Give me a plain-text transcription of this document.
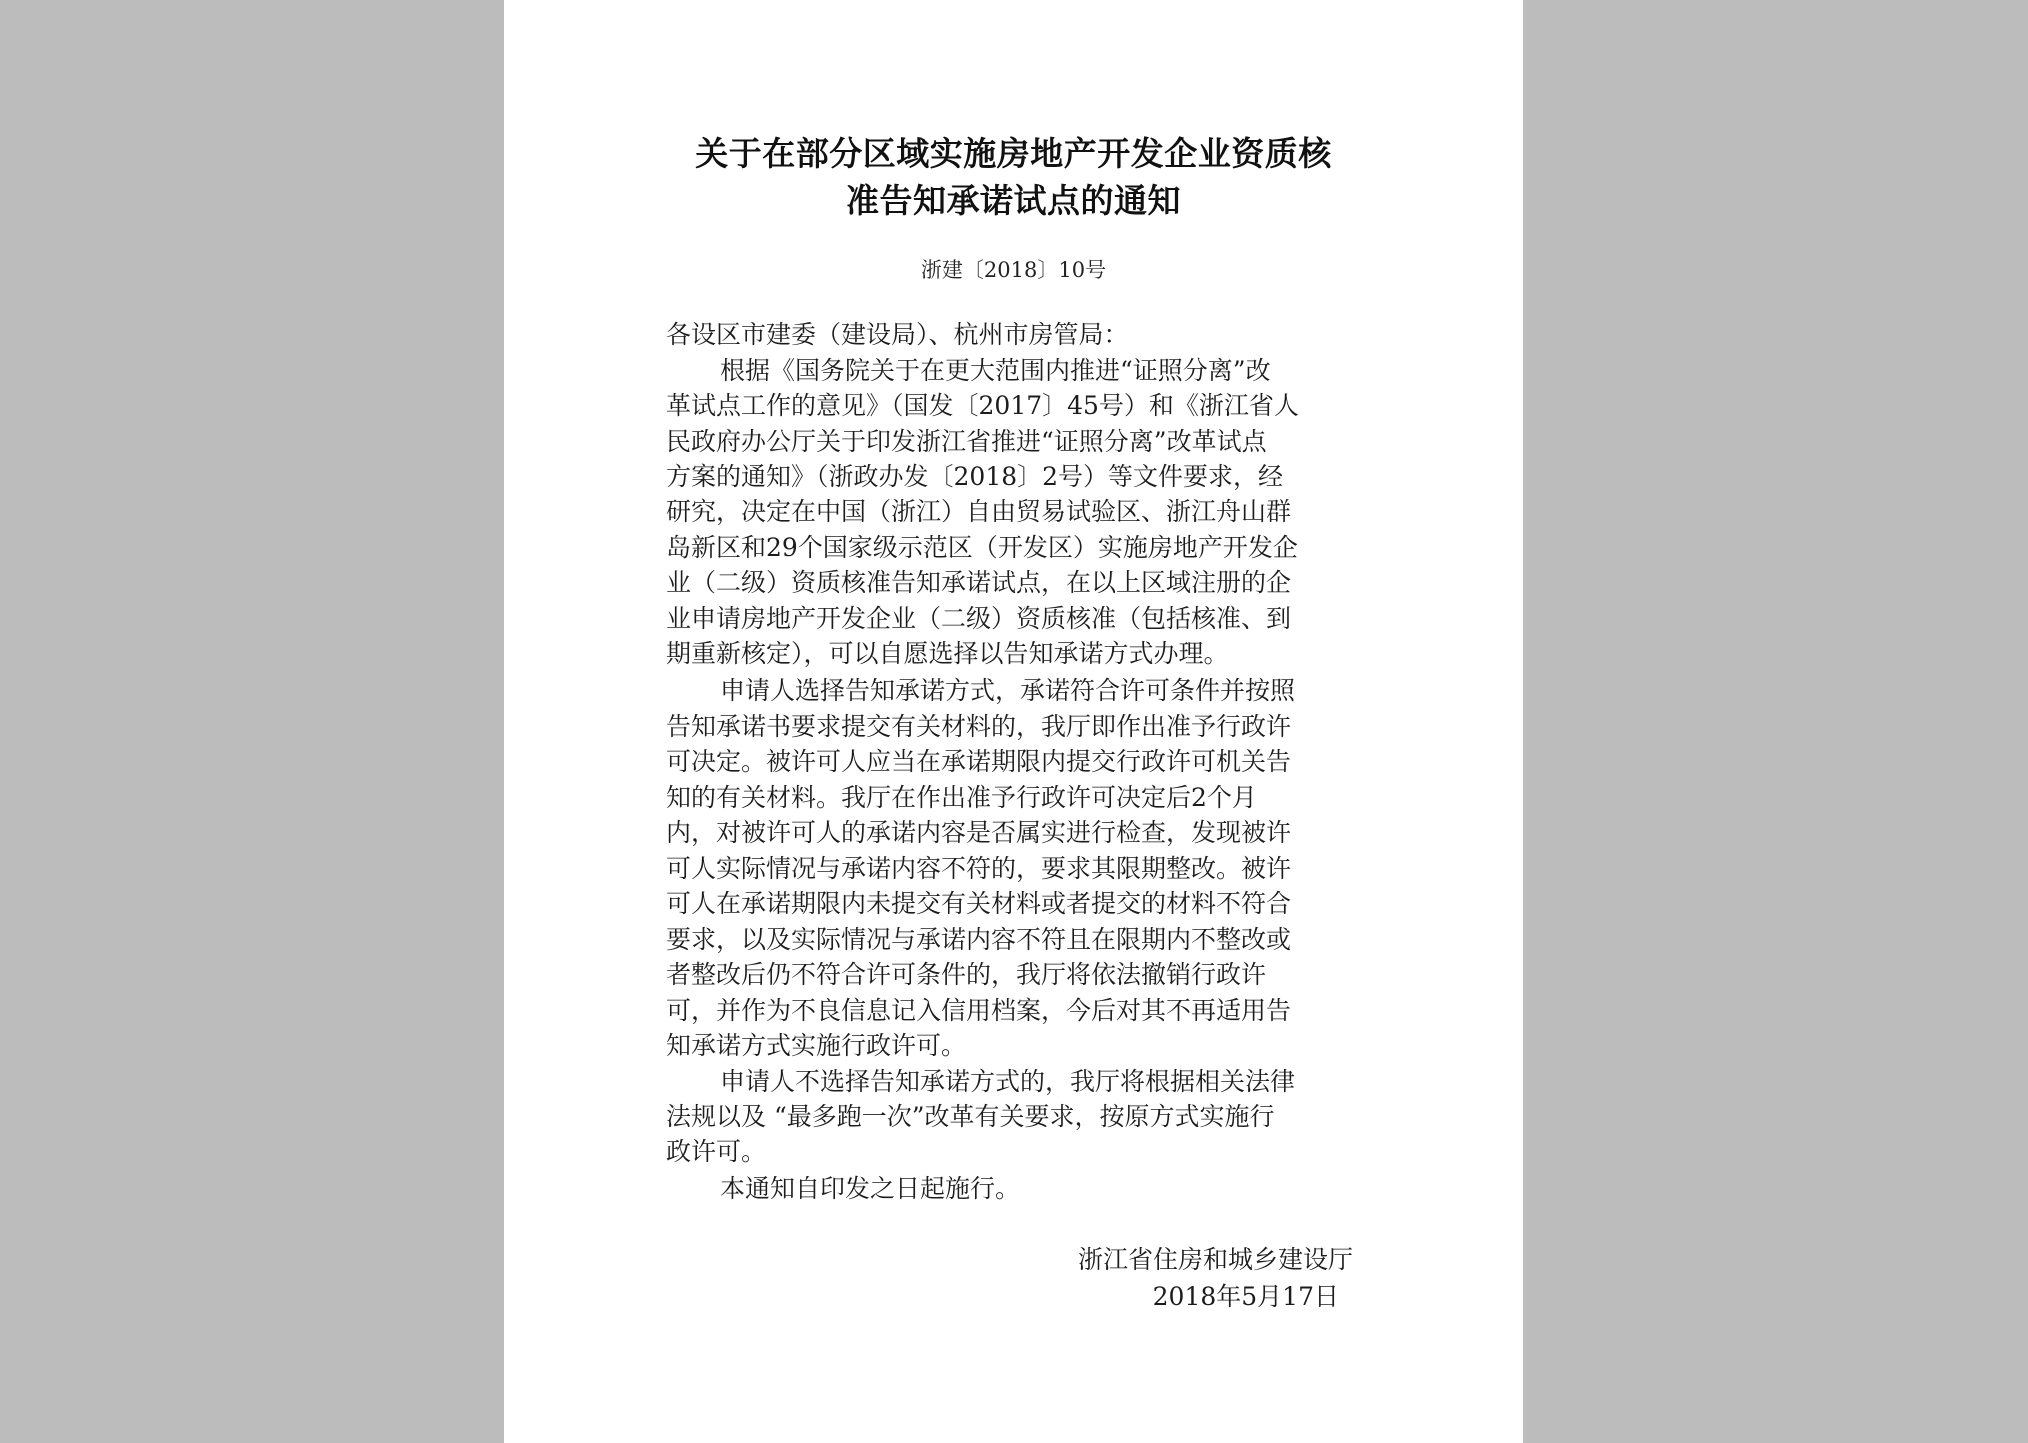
关于在部分区域实施房地产开发企业资质核
准告知承诺试点的通知
浙建〔2018〕10号
各设区市建委（建设局）、杭州市房管局：
根据《国务院关于在更大范围内推进“证照分离”改
革试点工作的意见》（国发〔2017〕45号）和《浙江省人
民政府办公厅关于印发浙江省推进“证照分离”改革试点
方案的通知》（浙政办发〔2018〕2号）等文件要求，经
研究，决定在中国（浙江）自由贸易试验区、浙江舟山群
岛新区和29个国家级示范区（开发区）实施房地产开发企
业（二级）资质核准告知承诺试点，在以上区域注册的企
业申请房地产开发企业（二级）资质核准（包括核准、到
期重新核定），可以自愿选择以告知承诺方式办理。
申请人选择告知承诺方式，承诺符合许可条件并按照
告知承诺书要求提交有关材料的，我厅即作出准予行政许
可决定。被许可人应当在承诺期限内提交行政许可机关告
知的有关材料。我厅在作出准予行政许可决定后2个月
内，对被许可人的承诺内容是否属实进行检查，发现被许
可人实际情况与承诺内容不符的，要求其限期整改。被许
可人在承诺期限内未提交有关材料或者提交的材料不符合
要求，以及实际情况与承诺内容不符且在限期内不整改或
者整改后仍不符合许可条件的，我厅将依法撤销行政许
可，并作为不良信息记入信用档案，今后对其不再适用告
知承诺方式实施行政许可。
申请人不选择告知承诺方式的，我厅将根据相关法律
法规以及 “最多跑一次”改革有关要求，按原方式实施行
政许可。
本通知自印发之日起施行。
浙江省住房和城乡建设厅
2018年5月17日
